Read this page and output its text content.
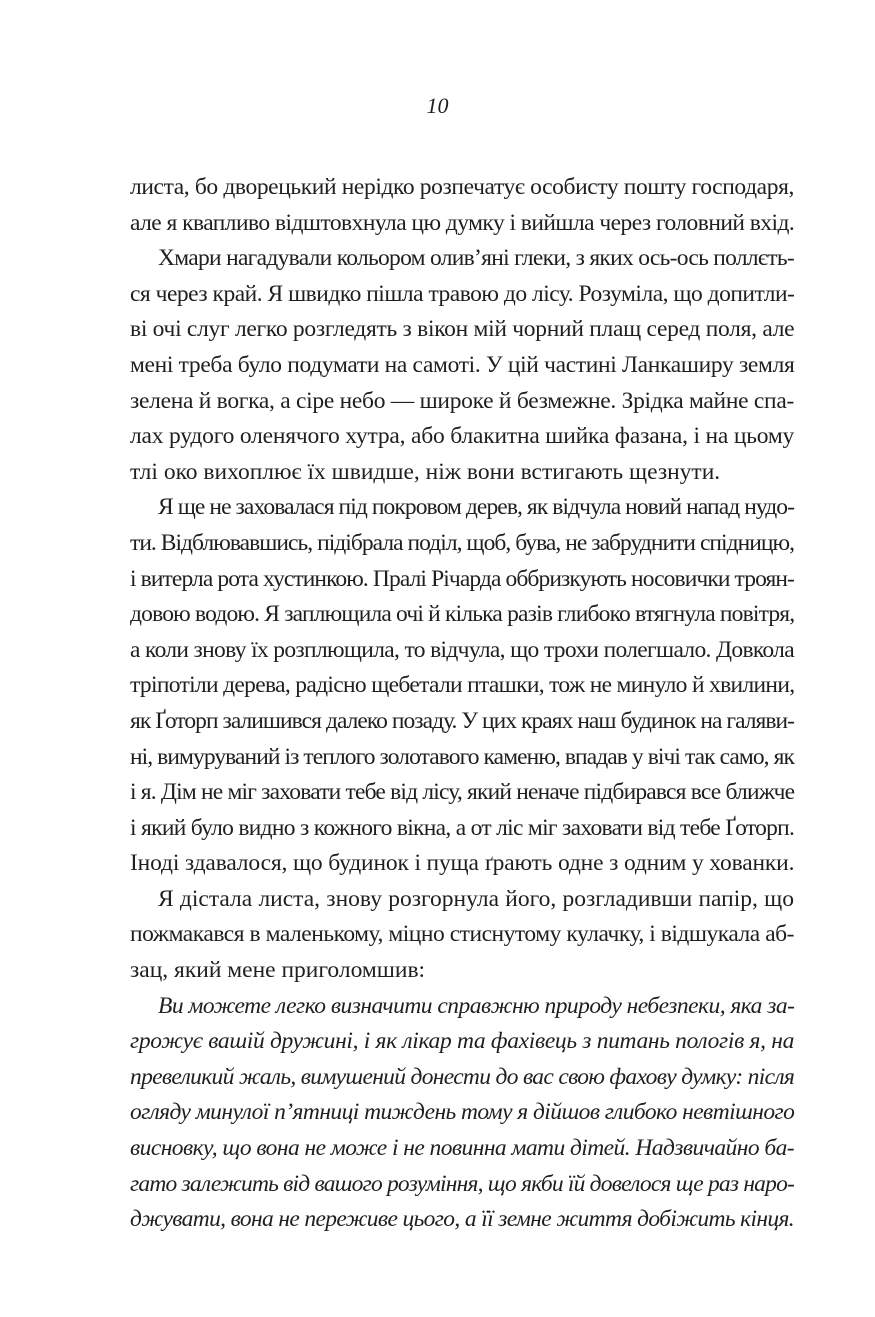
10
листа, бо дворецький нерідко розпечатує особисту пошту господаря,
але я квапливо відштовхнула цю думку і вийшла через головний вхід.
Хмари нагадували кольором олив’яні глеки, з яких ось-ось поллєть-
ся через край. Я швидко пішла травою до лісу. Розуміла, що допитли-
ві очі слуг легко розгледять з вікон мій чорний плащ серед поля, але
мені треба було подумати на самоті. У цій частині Ланкаширу земля
зелена й вогка, а сіре небо — широке й безмежне. Зрідка майне спа-
лах рудого оленячого хутра, або блакитна шийка фазана, і на цьому
тлі око вихоплює їх швидше, ніж вони встигають щезнути.
Я ще не заховалася під покровом дерев, як відчула новий напад нудо-
ти. Відблювавшись, підібрала поділ, щоб, бува, не забруднити спідницю,
і витерла рота хустинкою. Пралі Річарда оббризкують носовички троян-
довою водою. Я заплющила очі й кілька разів глибоко втягнула повітря,
а коли знову їх розплющила, то відчула, що трохи полегшало. Довкола
тріпотіли дерева, радісно щебетали пташки, тож не минуло й хвилини,
як Ґоторп залишився далеко позаду. У цих краях наш будинок на галяви-
ні, вимуруваний із теплого золотавого каменю, впадав у вічі так само, як
і я. Дім не міг заховати тебе від лісу, який неначе підбирався все ближче
і який було видно з кожного вікна, а от ліс міг заховати від тебе Ґоторп.
Іноді здавалося, що будинок і пуща ґрають одне з одним у хованки.
Я дістала листа, знову розгорнула його, розгладивши папір, що
пожмакався в маленькому, міцно стиснутому кулачку, і відшукала аб-
зац, який мене приголомшив:
Ви можете легко визначити справжню природу небезпеки, яка за-
грожує вашій дружині, і як лікар та фахівець з питань пологів я, на
превеликий жаль, вимушений донести до вас свою фахову думку: після
огляду минулої п’ятниці тиждень тому я дійшов глибоко невтішного
висновку, що вона не може і не повинна мати дітей. Надзвичайно ба-
гато залежить від вашого розуміння, що якби їй довелося ще раз наро-
джувати, вона не переживе цього, а її земне життя добіжить кінця.
